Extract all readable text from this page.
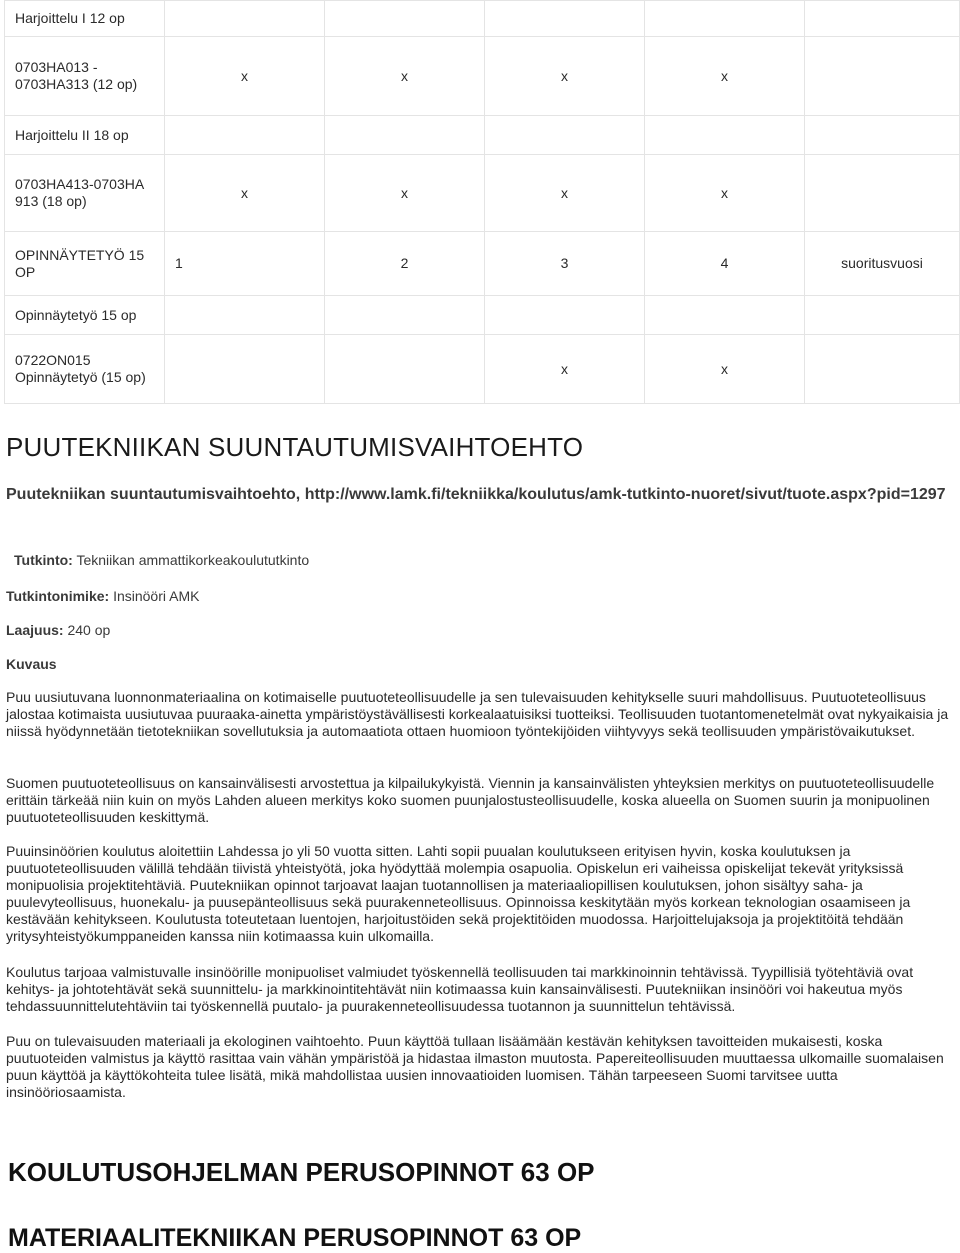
Harjoittelu I 12 op					
0703HA013 -
0703HA313 (12 op)	x	x	x	x	
Harjoittelu II 18 op					
0703HA413-0703HA
913 (18 op)	x	x	x	x	
OPINNÄYTETYÖ 15
OP	1	2	3	4	suoritusvuosi
Opinnäytetyö 15 op					
0722ON015
Opinnäytetyö (15 op)			x	x	
PUUTEKNIIKAN SUUNTAUTUMISVAIHTOEHTO

Puutekniikan suuntautumisvaihtoehto, http://www.lamk.fi/tekniikka/koulutus/amk-tutkinto-nuoret/sivut/tuote.aspx?pid=1297

Tutkinto: Tekniikan ammattikorkeakoulututkinto

Tutkintonimike: Insinööri AMK

Laajuus: 240 op

Kuvaus

Puu uusiutuvana luonnonmateriaalina on kotimaiselle puutuoteteollisuudelle ja sen tulevaisuuden kehitykselle suuri mahdollisuus. Puutuoteteollisuus jalostaa kotimaista uusiutuvaa puuraaka-ainetta ympäristöystävällisesti korkealaatuisiksi tuotteiksi. Teollisuuden tuotantomenetelmät ovat nykyaikaisia ja niissä hyödynnetään tietotekniikan sovellutuksia ja automaatiota ottaen huomioon työntekijöiden viihtyvyys sekä teollisuuden ympäristövaikutukset.

Suomen puutuoteteollisuus on kansainvälisesti arvostettua ja kilpailukykyistä. Viennin ja kansainvälisten yhteyksien merkitys on puutuoteteollisuudelle erittäin tärkeää niin kuin on myös Lahden alueen merkitys koko suomen puunjalostusteollisuudelle, koska alueella on Suomen suurin ja monipuolinen puutuoteteollisuuden keskittymä.

Puuinsinöörien koulutus aloitettiin Lahdessa jo yli 50 vuotta sitten. Lahti sopii puualan koulutukseen erityisen hyvin, koska koulutuksen ja puutuoteteollisuuden välillä tehdään tiivistä yhteistyötä, joka hyödyttää molempia osapuolia. Opiskelun eri vaiheissa opiskelijat tekevät yrityksissä monipuolisia projektitehtäviä. Puutekniikan opinnot tarjoavat laajan tuotannollisen ja materiaaliopillisen koulutuksen, johon sisältyy saha- ja puulevyteollisuus, huonekalu- ja puusepänteollisuus sekä puurakenneteollisuus. Opinnoissa keskitytään myös korkean teknologian osaamiseen ja kestävään kehitykseen. Koulutusta toteutetaan luentojen, harjoitustöiden sekä projektitöiden muodossa. Harjoittelujaksoja ja projektitöitä tehdään yritysyhteistyökumppaneiden kanssa niin kotimaassa kuin ulkomailla.

Koulutus tarjoaa valmistuvalle insinöörille monipuoliset valmiudet työskennellä teollisuuden tai markkinoinnin tehtävissä. Tyypillisiä työtehtäviä ovat kehitys- ja johtotehtävät sekä suunnittelu- ja markkinointitehtävät niin kotimaassa kuin kansainvälisesti. Puutekniikan insinööri voi hakeutua myös tehdassuunnittelutehtäviin tai työskennellä puutalo- ja puurakenneteollisuudessa tuotannon ja suunnittelun tehtävissä.

Puu on tulevaisuuden materiaali ja ekologinen vaihtoehto. Puun käyttöä tullaan lisäämään kestävän kehityksen tavoitteiden mukaisesti, koska puutuoteiden valmistus ja käyttö rasittaa vain vähän ympäristöä ja hidastaa ilmaston muutosta. Papereiteollisuuden muuttaessa ulkomaille suomalaisen puun käyttöä ja käyttökohteita tulee lisätä, mikä mahdollistaa uusien innovaatioiden luomisen. Tähän tarpeeseen Suomi tarvitsee uutta insinööriosaamista.

KOULUTUSOHJELMAN PERUSOPINNOT 63 OP
MATERIAALITEKNIIKAN PERUSOPINNOT 63 OP
